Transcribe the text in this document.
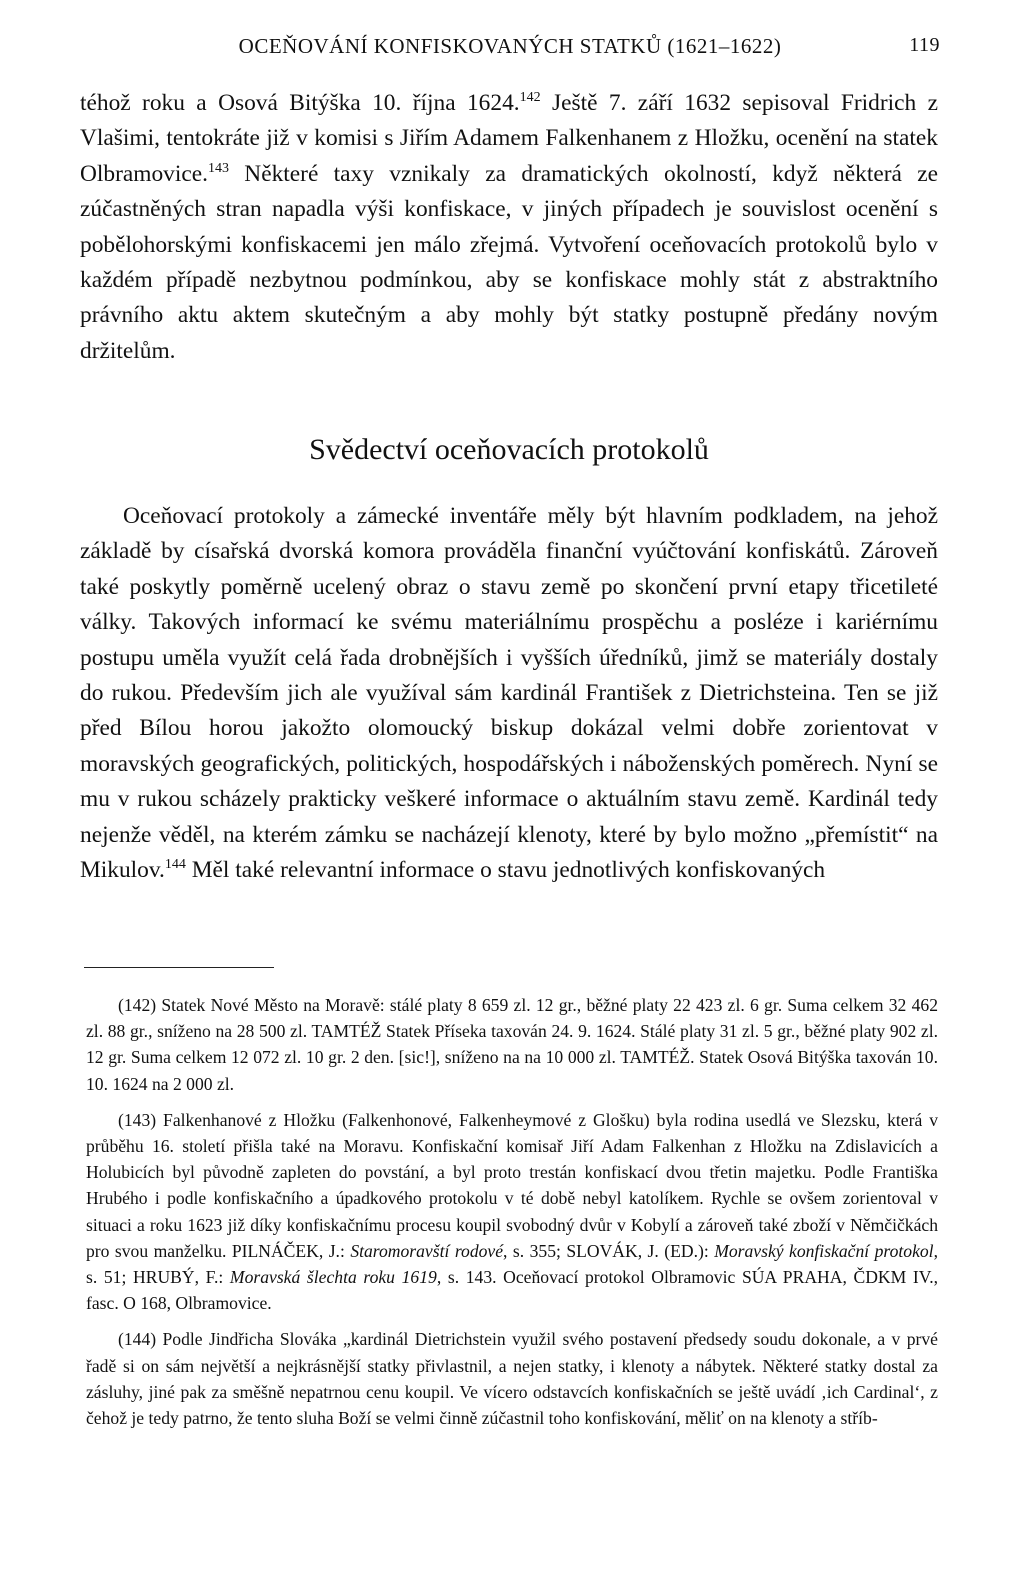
OCEŇOVÁNÍ KONFISKOVANÝCH STATKŮ (1621–1622)	119

téhož roku a Osová Bitýška 10. října 1624.$^{142}$ Ještě 7. září 1632 sepisoval Fridrich z Vlašimi, tentokráte již v komisi s Jiřím Adamem Falkenhanem z Hložku, ocenění na statek Olbramovice.$^{143}$ Některé taxy vznikaly za dramatických okolností, když některá ze zúčastněných stran napadla výši konfiskace, v jiných případech je souvislost ocenění s pobělohorskými konfiskacemi jen málo zřejmá. Vytvoření oceňovacích protokolů bylo v každém případě nezbytnou podmínkou, aby se konfiskace mohly stát z abstraktního právního aktu aktem skutečným a aby mohly být statky postupně předány novým držitelům.

Svědectví oceňovacích protokolů

Oceňovací protokoly a zámecké inventáře měly být hlavním podkladem, na jehož základě by císařská dvorská komora prováděla finanční vyúčtování konfiskátů. Zároveň také poskytly poměrně ucelený obraz o stavu země po skončení první etapy třicetileté války. Takových informací ke svému materiálnímu prospěchu a posléze i kariérnímu postupu uměla využít celá řada drobnějších i vyšších úředníků, jimž se materiály dostaly do rukou. Především jich ale využíval sám kardinál František z Dietrichsteina. Ten se již před Bílou horou jakožto olomoucký biskup dokázal velmi dobře zorientovat v moravských geografických, politických, hospodářských i náboženských poměrech. Nyní se mu v rukou scházely prakticky veškeré informace o aktuálním stavu země. Kardinál tedy nejenže věděl, na kterém zámku se nacházejí klenoty, které by bylo možno „přemístit“ na Mikulov.$^{144}$ Měl také relevantní informace o stavu jednotlivých konfiskovaných

(142) Statek Nové Město na Moravě: stálé platy 8 659 zl. 12 gr., běžné platy 22 423 zl. 6 gr. Suma celkem 32 462 zl. 88 gr., sníženo na 28 500 zl. TAMTÉŽ Statek Příseka taxován 24. 9. 1624. Stálé platy 31 zl. 5 gr., běžné platy 902 zl. 12 gr. Suma celkem 12 072 zl. 10 gr. 2 den. [sic!], sníženo na na 10 000 zl. TAMTÉŽ. Statek Osová Bitýška taxován 10. 10. 1624 na 2 000 zl.

(143) Falkenhanové z Hložku (Falkenhonové, Falkenheymové z Glošku) byla rodina usedlá ve Slezsku, která v průběhu 16. století přišla také na Moravu. Konfiskační komisař Jiří Adam Falkenhan z Hložku na Zdislavicích a Holubicích byl původně zapleten do povstání, a byl proto trestán konfiskací dvou třetin majetku. Podle Františka Hrubého i podle konfiskačního a úpadkového protokolu v té době nebyl katolíkem. Rychle se ovšem zorientoval v situaci a roku 1623 již díky konfiskačnímu procesu koupil svobodný dvůr v Kobylí a zároveň také zboží v Němčičkách pro svou manželku. PILNÁČEK, J.: Staromoravští rodové, s. 355; SLOVÁK, J. (ED.): Moravský konfiskační protokol, s. 51; HRUBÝ, F.: Moravská šlechta roku 1619, s. 143. Oceňovací protokol Olbramovic SÚA PRAHA, ČDKM IV., fasc. O 168, Olbramovice.

(144) Podle Jindřicha Slováka „kardinál Dietrichstein využil svého postavení předsedy soudu dokonale, a v prvé řadě si on sám největší a nejkrásnější statky přivlastnil, a nejen statky, i klenoty a nábytek. Některé statky dostal za zásluhy, jiné pak za směšně nepatrnou cenu koupil. Ve vícero odstavcích konfiskačních se ještě uvádí ‚ich Cardinal‘, z čehož je tedy patrno, že tento sluha Boží se velmi činně zúčastnil toho konfiskování, měliť on na klenoty a stříb-
